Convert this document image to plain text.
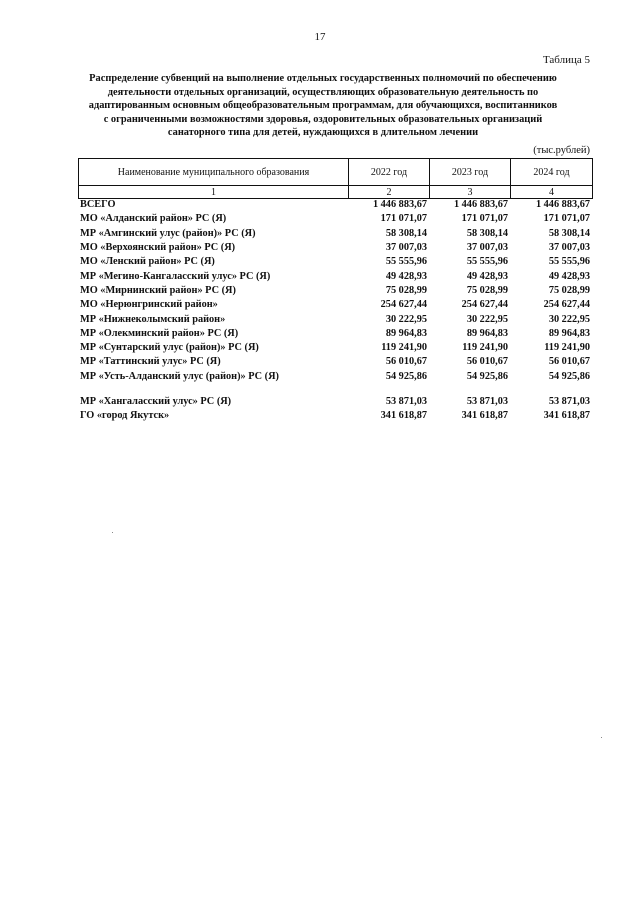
17
Таблица 5
Распределение субвенций на выполнение отдельных государственных полномочий по обеспечению деятельности отдельных организаций, осуществляющих образовательную деятельность по адаптированным основным общеобразовательным программам, для обучающихся, воспитанников с ограниченными возможностями здоровья, оздоровительных образовательных организаций санаторного типа для детей, нуждающихся в длительном лечении
(тыс.рублей)
Наименование муниципального образования	2022 год	2023 год	2024 год
1	2	3	4
ВСЕГО	1 446 883,67	1 446 883,67	1 446 883,67
МО «Алданский район» РС (Я)	171 071,07	171 071,07	171 071,07
МР «Амгинский улус (район)» РС (Я)	58 308,14	58 308,14	58 308,14
МО «Верхоянский район» РС (Я)	37 007,03	37 007,03	37 007,03
МО «Ленский район» РС (Я)	55 555,96	55 555,96	55 555,96
МР «Мегино-Кангаласский улус» РС (Я)	49 428,93	49 428,93	49 428,93
МО «Мирнинский район» РС (Я)	75 028,99	75 028,99	75 028,99
МО «Нерюнгринский район»	254 627,44	254 627,44	254 627,44
МР «Нижнеколымский район»	30 222,95	30 222,95	30 222,95
МР «Олекминский район» РС (Я)	89 964,83	89 964,83	89 964,83
МР «Сунтарский улус (район)» РС (Я)	119 241,90	119 241,90	119 241,90
МР «Таттинский улус» РС (Я)	56 010,67	56 010,67	56 010,67
МР «Усть-Алданский улус (район)» РС (Я)	54 925,86	54 925,86	54 925,86

МР «Хангаласский улус» РС (Я)	53 871,03	53 871,03	53 871,03
ГО «город Якутск»	341 618,87	341 618,87	341 618,87
